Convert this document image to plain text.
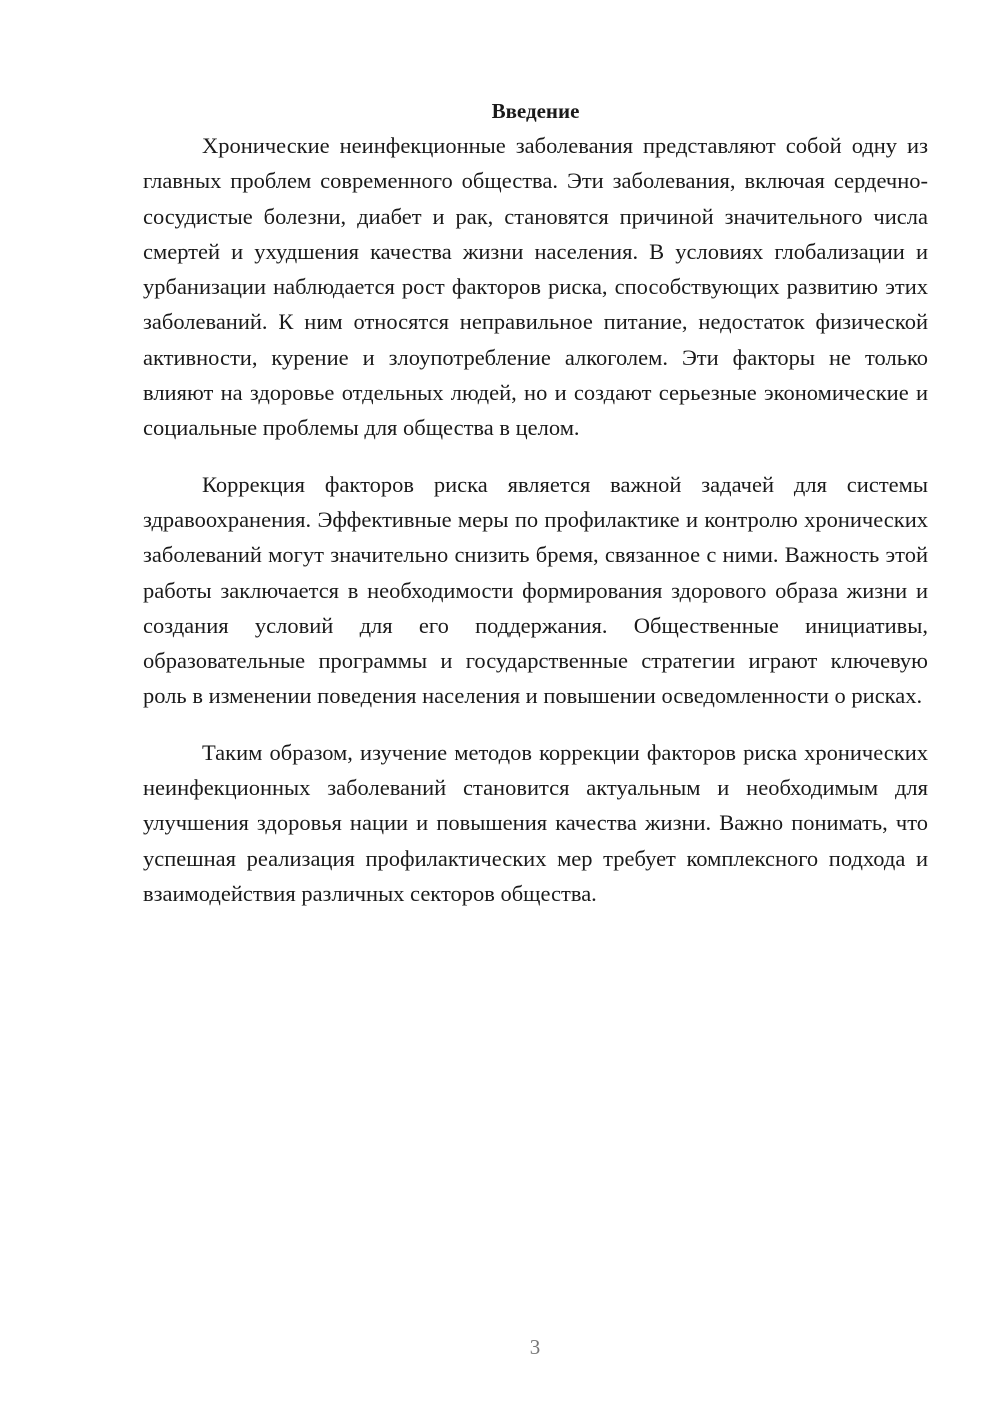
Введение

Хронические неинфекционные заболевания представляют собой одну из главных проблем современного общества. Эти заболевания, включая сердечно-сосудистые болезни, диабет и рак, становятся причиной значительного числа смертей и ухудшения качества жизни населения. В условиях глобализации и урбанизации наблюдается рост факторов риска, способствующих развитию этих заболеваний. К ним относятся неправильное питание, недостаток физической активности, курение и злоупотребление алкоголем. Эти факторы не только влияют на здоровье отдельных людей, но и создают серьезные экономические и социальные проблемы для общества в целом.

Коррекция факторов риска является важной задачей для системы здравоохранения. Эффективные меры по профилактике и контролю хронических заболеваний могут значительно снизить бремя, связанное с ними. Важность этой работы заключается в необходимости формирования здорового образа жизни и создания условий для его поддержания. Общественные инициативы, образовательные программы и государственные стратегии играют ключевую роль в изменении поведения населения и повышении осведомленности о рисках.

Таким образом, изучение методов коррекции факторов риска хронических неинфекционных заболеваний становится актуальным и необходимым для улучшения здоровья нации и повышения качества жизни. Важно понимать, что успешная реализация профилактических мер требует комплексного подхода и взаимодействия различных секторов общества.

3
